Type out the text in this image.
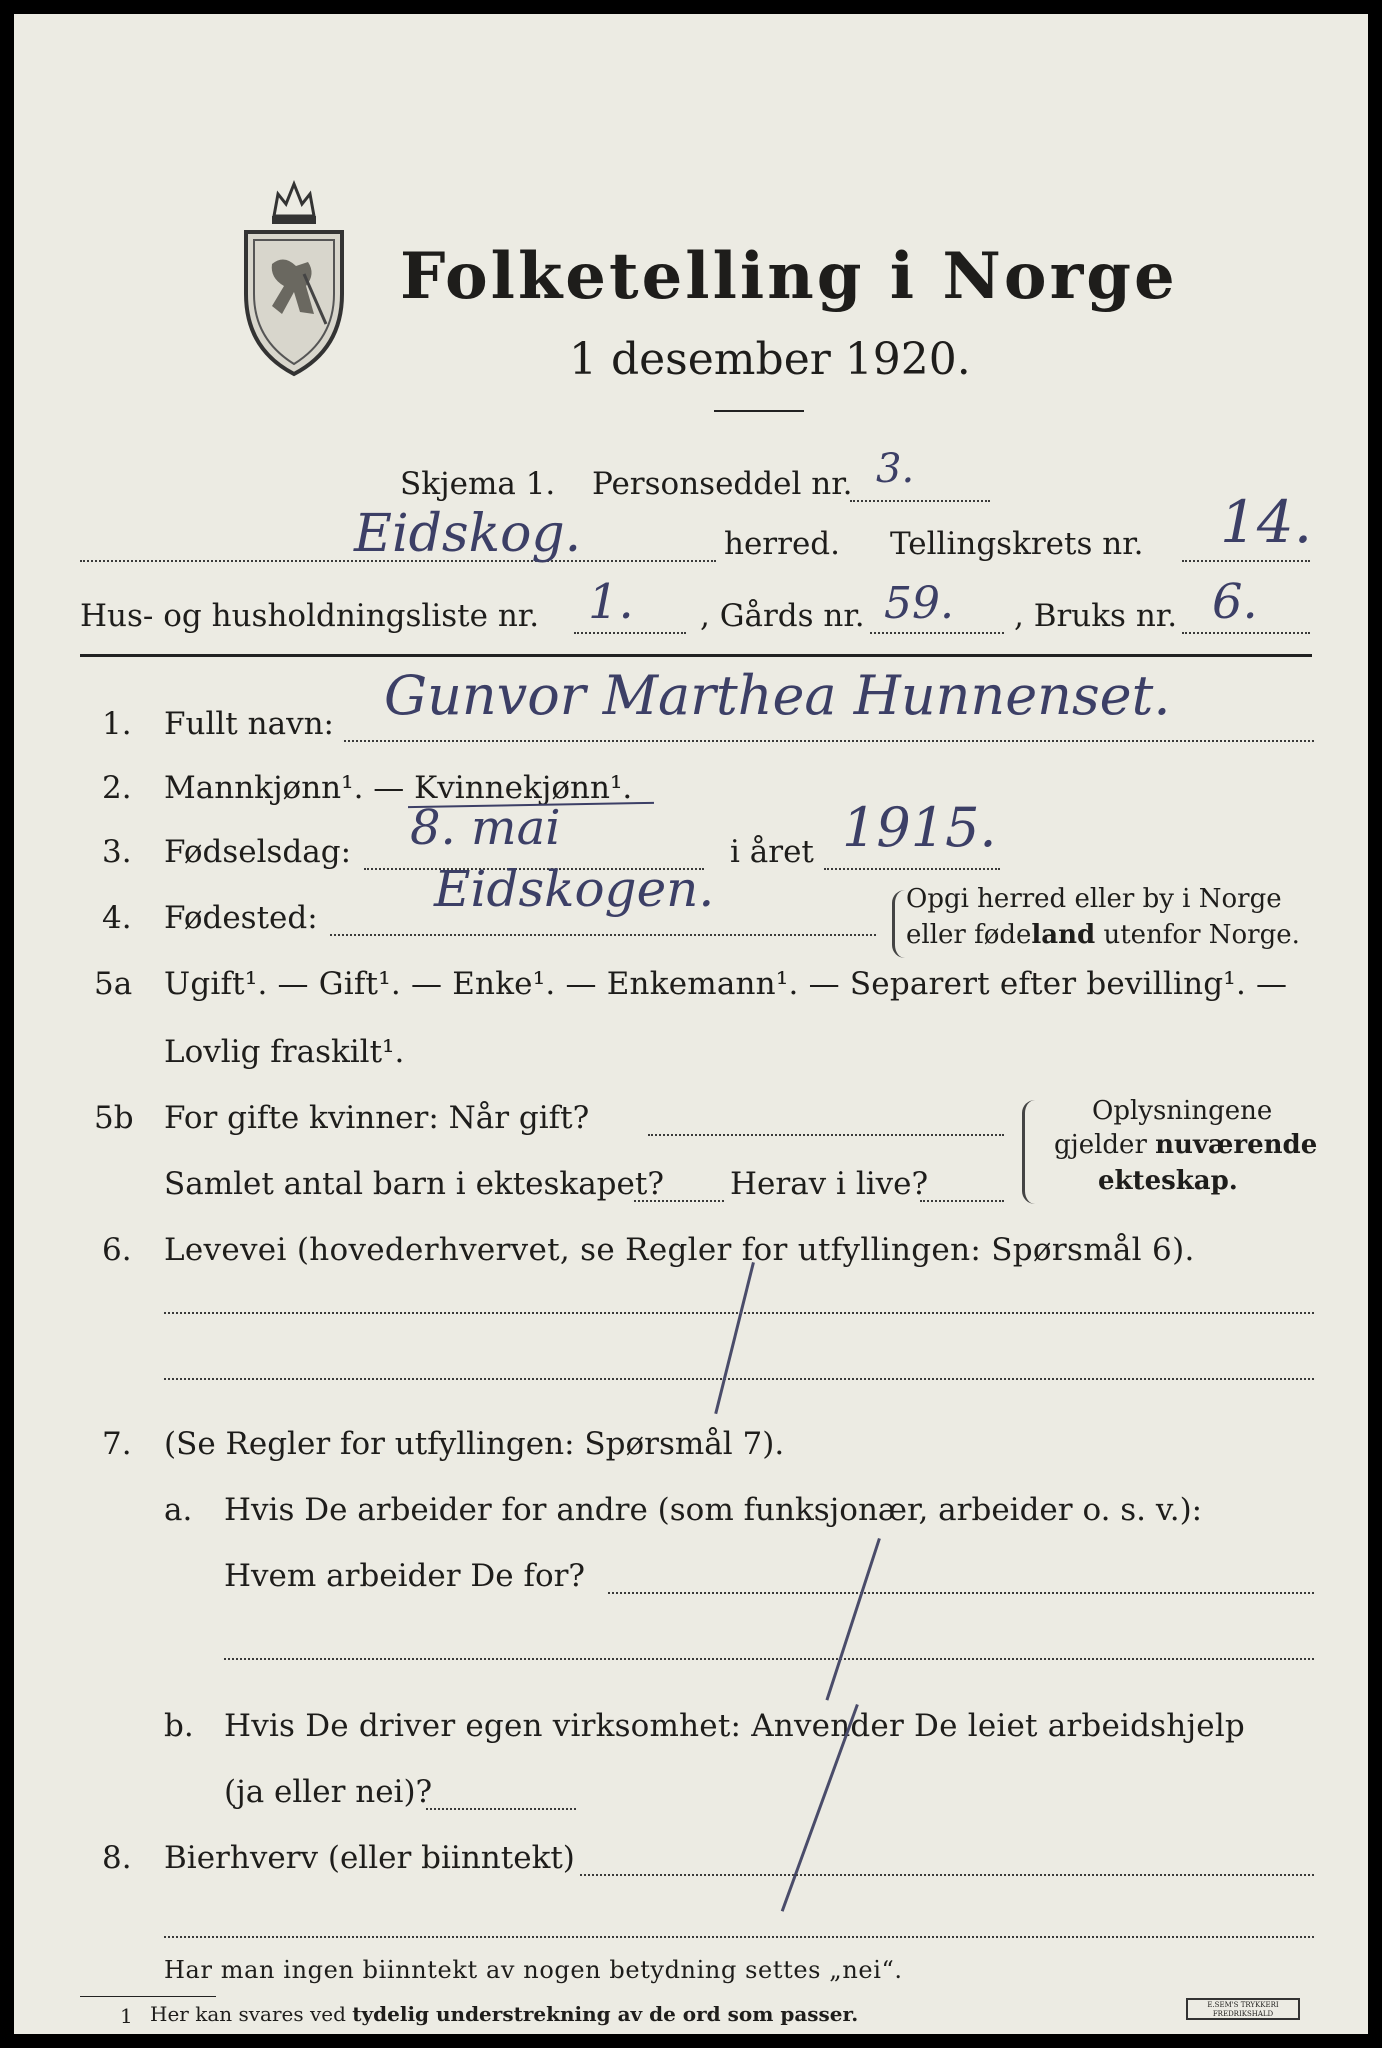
Folketelling i Norge
1 desember 1920.
Skjema 1. Personseddel nr. 3.
Eidskog.	herred. Tellingskrets nr. 14.
Hus- og husholdningsliste nr. 1. , Gårds nr. 59. , Bruks nr. 6.
1. Fullt navn: Gunvor Marthea Hunnenset.
2. Mannkjønn¹. — Kvinnekjønn¹.
3. Fødselsdag: 8. mai	i året 1915.
4. Fødested: Eidskogen.	Opgi herred eller by i Norge
eller fødeland utenfor Norge.
5a Ugift¹. — Gift¹. — Enke¹. — Enkemann¹. — Separert efter bevilling¹. —
Lovlig fraskilt¹.
5b For gifte kvinner: Når gift?
Samlet antal barn i ekteskapet? Herav i live?
Oplysningene
gjelder nuværende
ekteskap.
6. Levevei (hovederhvervet, se Regler for utfyllingen: Spørsmål 6).
7. (Se Regler for utfyllingen: Spørsmål 7).
a. Hvis De arbeider for andre (som funksjonær, arbeider o. s. v.):
Hvem arbeider De for?
b. Hvis De driver egen virksomhet: Anvender De leiet arbeidshjelp
(ja eller nei)?
8. Bierhverv (eller biinntekt)
Har man ingen biinntekt av nogen betydning settes „nei“.
1 Her kan svares ved tydelig understrekning av de ord som passer.	E.SEM'S TRYKKERI FREDRIKSHALD
